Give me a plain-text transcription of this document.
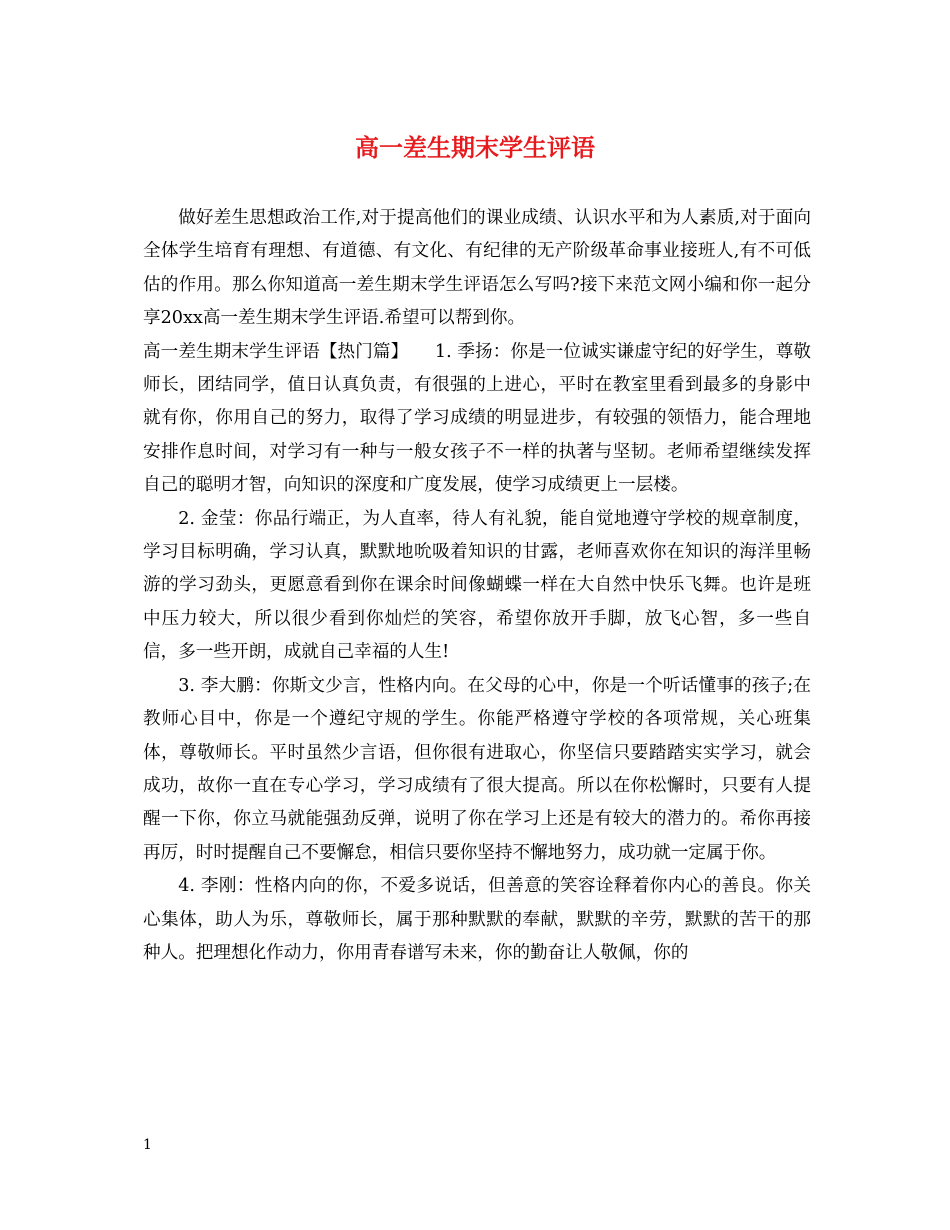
高一差生期末学生评语

做好差生思想政治工作,对于提高他们的课业成绩、认识水平和为人素质,对于面向全体学生培育有理想、有道德、有文化、有纪律的无产阶级革命事业接班人,有不可低估的作用。那么你知道高一差生期末学生评语怎么写吗?接下来范文网小编和你一起分享20xx高一差生期末学生评语.希望可以帮到你。

高一差生期末学生评语【热门篇】　　1. 季扬：你是一位诚实谦虚守纪的好学生，尊敬师长，团结同学，值日认真负责，有很强的上进心，平时在教室里看到最多的身影中就有你，你用自己的努力，取得了学习成绩的明显进步，有较强的领悟力，能合理地安排作息时间，对学习有一种与一般女孩子不一样的执著与坚韧。老师希望继续发挥自己的聪明才智，向知识的深度和广度发展，使学习成绩更上一层楼。

2. 金莹：你品行端正，为人直率，待人有礼貌，能自觉地遵守学校的规章制度，学习目标明确，学习认真，默默地吮吸着知识的甘露，老师喜欢你在知识的海洋里畅游的学习劲头，更愿意看到你在课余时间像蝴蝶一样在大自然中快乐飞舞。也许是班中压力较大，所以很少看到你灿烂的笑容，希望你放开手脚，放飞心智，多一些自信，多一些开朗，成就自己幸福的人生!

3. 李大鹏：你斯文少言，性格内向。在父母的心中，你是一个听话懂事的孩子;在教师心目中，你是一个遵纪守规的学生。你能严格遵守学校的各项常规，关心班集体，尊敬师长。平时虽然少言语，但你很有进取心，你坚信只要踏踏实实学习，就会成功，故你一直在专心学习，学习成绩有了很大提高。所以在你松懈时，只要有人提醒一下你，你立马就能强劲反弹，说明了你在学习上还是有较大的潜力的。希你再接再厉，时时提醒自己不要懈怠，相信只要你坚持不懈地努力，成功就一定属于你。

4. 李刚：性格内向的你，不爱多说话，但善意的笑容诠释着你内心的善良。你关心集体，助人为乐，尊敬师长，属于那种默默的奉献，默默的辛劳，默默的苦干的那种人。把理想化作动力，你用青春谱写未来，你的勤奋让人敬佩，你的

1
